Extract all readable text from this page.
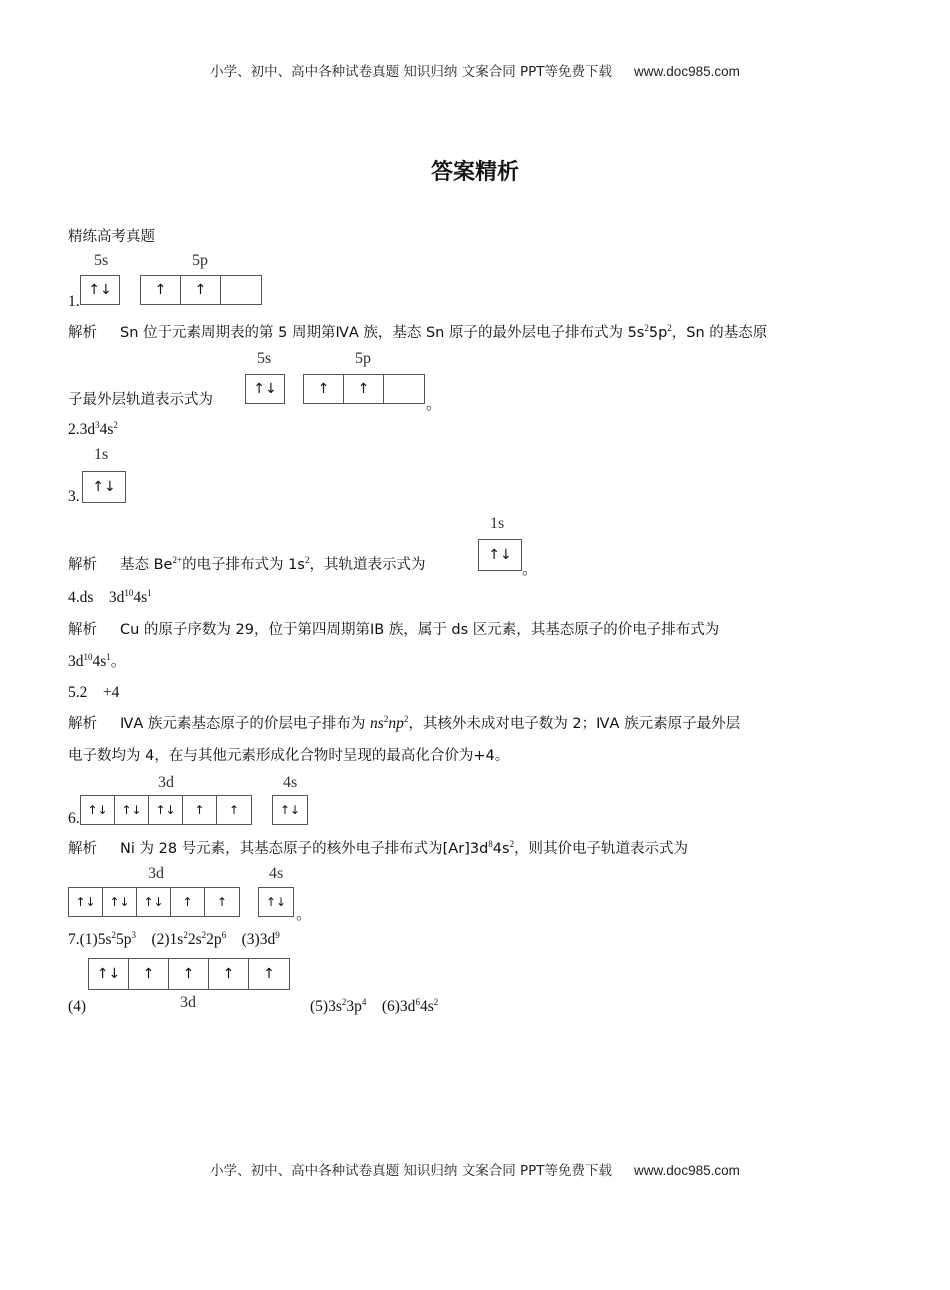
小学、初中、高中各种试卷真题 知识归纳 文案合同 PPT等免费下载 www.doc985.com
答案精析
精练高考真题
1.
5s	5p
↑↓	↑	↑
解析 Sn 位于元素周期表的第 5 周期第ⅣA 族，基态 Sn 原子的最外层电子排布式为 $5s^25p^2$，Sn 的基态原
子最外层轨道表示式为
5s	5p
↑↓	↑	↑
。
$2.3d^34s^2$
3.
1s
↑↓
解析 基态 $Be^{2+}$的电子排布式为 $1s^2$，其轨道表示式为
1s
↑↓
。
4.ds　$3d^{10}4s^1$
解析 Cu 的原子序数为 29，位于第四周期第ⅠB 族，属于 ds 区元素，其基态原子的价电子排布式为
$3d^{10}4s^1$。
5.2　+4
解析 ⅣA 族元素基态原子的价层电子排布为 $ns^2np^2$，其核外未成对电子数为 2；ⅣA 族元素原子最外层
电子数均为 4，在与其他元素形成化合物时呈现的最高化合价为+4。
6.
3d	4s
↑↓	↑↓	↑↓	↑	↑	↑↓
解析 Ni 为 28 号元素，其基态原子的核外电子排布式为$[Ar]3d^84s^2$，则其价电子轨道表示式为
3d	4s
↑↓	↑↓	↑↓	↑	↑	↑↓
。
$7.(1)5s^25p^3$　$(2)1s^22s^22p^6$　$(3)3d^9$
↑↓	↑	↑	↑	↑
3d
(4)	$(5)3s^23p^4$　$(6)3d^64s^2$
小学、初中、高中各种试卷真题 知识归纳 文案合同 PPT等免费下载 www.doc985.com
